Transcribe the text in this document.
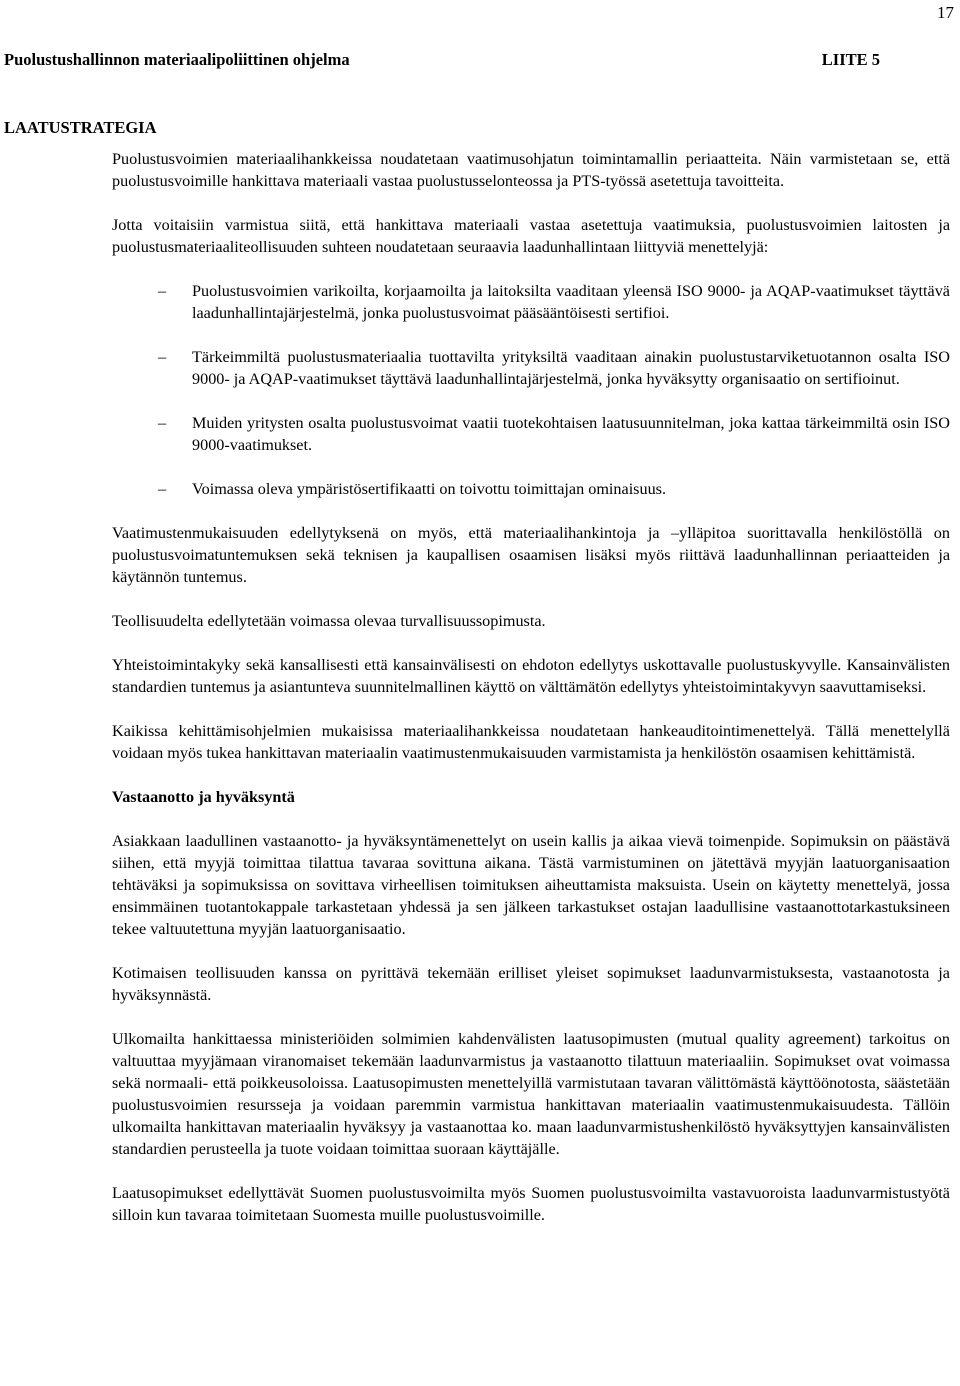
17
Puolustushallinnon materiaalipoliittinen ohjelma	LIITE 5
LAATUSTRATEGIA

Puolustusvoimien materiaalihankkeissa noudatetaan vaatimusohjatun toimintamallin periaatteita. Näin varmistetaan se, että puolustusvoimille hankittava materiaali vastaa puolustusselonteossa ja PTS-työssä asetettuja tavoitteita.

Jotta voitaisiin varmistua siitä, että hankittava materiaali vastaa asetettuja vaatimuksia, puolustusvoimien laitosten ja puolustusmateriaaliteollisuuden suhteen noudatetaan seuraavia laadunhallintaan liittyviä menettelyjä:

– Puolustusvoimien varikoilta, korjaamoilta ja laitoksilta vaaditaan yleensä ISO 9000- ja AQAP-vaatimukset täyttävä laadunhallintajärjestelmä, jonka puolustusvoimat pääsääntöisesti sertifioi.
– Tärkeimmiltä puolustusmateriaalia tuottavilta yrityksiltä vaaditaan ainakin puolustustarviketuotannon osalta ISO 9000- ja AQAP-vaatimukset täyttävä laadunhallintajärjestelmä, jonka hyväksytty organisaatio on sertifioinut.
– Muiden yritysten osalta puolustusvoimat vaatii tuotekohtaisen laatusuunnitelman, joka kattaa tärkeimmiltä osin ISO 9000-vaatimukset.
– Voimassa oleva ympäristösertifikaatti on toivottu toimittajan ominaisuus.

Vaatimustenmukaisuuden edellytyksenä on myös, että materiaalihankintoja ja –ylläpitoa suorittavalla henkilöstöllä on puolustusvoimatuntemuksen sekä teknisen ja kaupallisen osaamisen lisäksi myös riittävä laadunhallinnan periaatteiden ja käytännön tuntemus.

Teollisuudelta edellytetään voimassa olevaa turvallisuussopimusta.

Yhteistoimintakyky sekä kansallisesti että kansainvälisesti on ehdoton edellytys uskottavalle puolustuskyvylle. Kansainvälisten standardien tuntemus ja asiantunteva suunnitelmallinen käyttö on välttämätön edellytys yhteistoimintakyvyn saavuttamiseksi.

Kaikissa kehittämisohjelmien mukaisissa materiaalihankkeissa noudatetaan hankeauditointimenettelyä. Tällä menettelyllä voidaan myös tukea hankittavan materiaalin vaatimustenmukaisuuden varmistamista ja henkilöstön osaamisen kehittämistä.

Vastaanotto ja hyväksyntä

Asiakkaan laadullinen vastaanotto- ja hyväksyntämenettelyt on usein kallis ja aikaa vievä toimenpide. Sopimuksin on päästävä siihen, että myyjä toimittaa tilattua tavaraa sovittuna aikana. Tästä varmistuminen on jätettävä myyjän laatuorganisaation tehtäväksi ja sopimuksissa on sovittava virheellisen toimituksen aiheuttamista maksuista. Usein on käytetty menettelyä, jossa ensimmäinen tuotantokappale tarkastetaan yhdessä ja sen jälkeen tarkastukset ostajan laadullisine vastaanottotarkastuksineen tekee valtuutettuna myyjän laatuorganisaatio.

Kotimaisen teollisuuden kanssa on pyrittävä tekemään erilliset yleiset sopimukset laadunvarmistuksesta, vastaanotosta ja hyväksynnästä.

Ulkomailta hankittaessa ministeriöiden solmimien kahdenvälisten laatusopimusten (mutual quality agreement) tarkoitus on valtuuttaa myyjämaan viranomaiset tekemään laadunvarmistus ja vastaanotto tilattuun materiaaliin. Sopimukset ovat voimassa sekä normaali- että poikkeusoloissa. Laatusopimusten menettelyillä varmistutaan tavaran välittömästä käyttöönotosta, säästetään puolustusvoimien resursseja ja voidaan paremmin varmistua hankittavan materiaalin vaatimustenmukaisuudesta. Tällöin ulkomailta hankittavan materiaalin hyväksyy ja vastaanottaa ko. maan laadunvarmistushenkilöstö hyväksyttyjen kansainvälisten standardien perusteella ja tuote voidaan toimittaa suoraan käyttäjälle.

Laatusopimukset edellyttävät Suomen puolustusvoimilta myös Suomen puolustusvoimilta vastavuoroista laadunvarmistustyötä silloin kun tavaraa toimitetaan Suomesta muille puolustusvoimille.
